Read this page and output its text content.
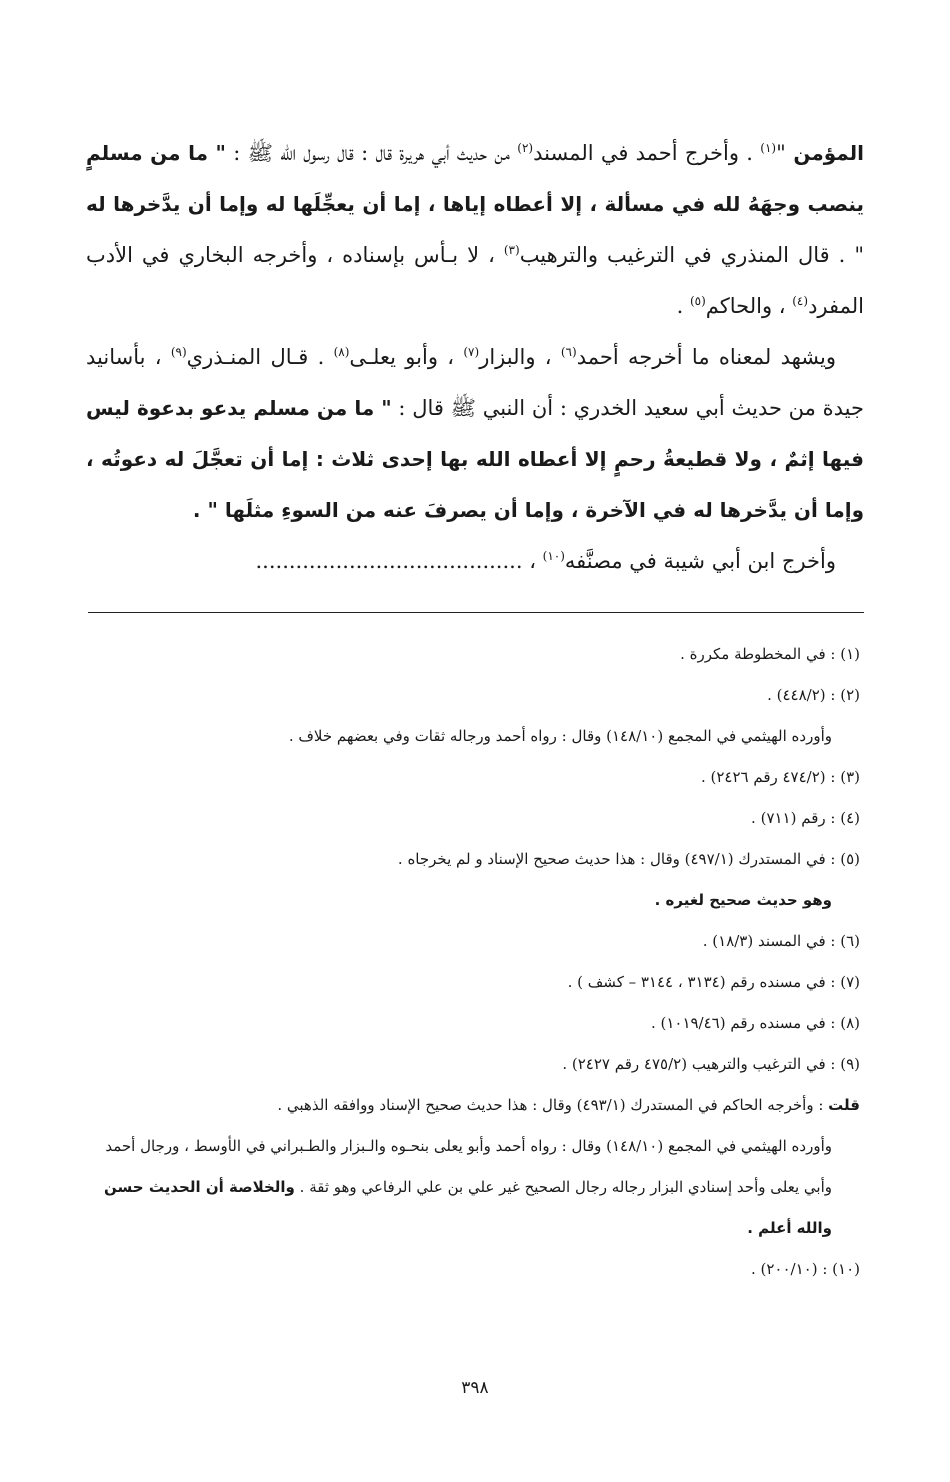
المؤمن "$^{(١)}$ . وأخرج أحمد في المسند$^{(٢)}$ من حديث أبي هريرة قال : قال رسول الله ﷺ : " ما من مسلمٍ ينصب وجهَهُ لله في مسألة ، إلا أعطاه إياها ، إما أن يعجِّلَها له وإما أن يدَّخرها له " . قال المنذري في الترغيب والترهيب$^{(٣)}$ ، لا بـأس بإسناده ، وأخرجه البخاري في الأدب المفرد$^{(٤)}$ ، والحاكم$^{(٥)}$ .

ويشهد لمعناه ما أخرجه أحمد$^{(٦)}$ ، والبزار$^{(٧)}$ ، وأبو يعلـى$^{(٨)}$ . قـال المنـذري$^{(٩)}$ ، بأسانيد جيدة من حديث أبي سعيد الخدري : أن النبي ﷺ قال : " ما من مسلم يدعو بدعوة ليس فيها إثمٌ ، ولا قطيعةُ رحمٍ إلا أعطاه الله بها إحدى ثلاث : إما أن تعجَّلَ له دعوتُه ، وإما أن يدَّخرها له في الآخرة ، وإما أن يصرفَ عنه من السوءِ مثلَها " .

وأخرج ابن أبي شيبة في مصنَّفه$^{(١٠)}$ ، ........................................

(١) : في المخطوطة مكررة .

(٢) : (٤٤٨/٢) .

وأورده الهيثمي في المجمع (١٤٨/١٠) وقال : رواه أحمد ورجاله ثقات وفي بعضهم خلاف .

(٣) : (٤٧٤/٢ رقم ٢٤٢٦) .

(٤) : رقم (٧١١) .

(٥) : في المستدرك (٤٩٧/١) وقال : هذا حديث صحيح الإسناد و لم يخرجاه .

وهو حديث صحيح لغيره .

(٦) : في المسند (١٨/٣) .

(٧) : في مسنده رقم (٣١٣٤ ، ٣١٤٤ – كشف ) .

(٨) : في مسنده رقم (١٠١٩/٤٦) .

(٩) : في الترغيب والترهيب (٤٧٥/٢ رقم ٢٤٢٧) .

قلت : وأخرجه الحاكم في المستدرك (٤٩٣/١) وقال : هذا حديث صحيح الإسناد ووافقه الذهبي .

وأورده الهيثمي في المجمع (١٤٨/١٠) وقال : رواه أحمد وأبو يعلى بنحـوه والـبزار والطـبراني في الأوسط ، ورجال أحمد وأبي يعلى وأحد إسنادي البزار رجاله رجال الصحيح غير علي بن علي الرفاعي وهو ثقة . والخلاصة أن الحديث حسن والله أعلم .

(١٠) : (٢٠٠/١٠) .

٣٩٨
